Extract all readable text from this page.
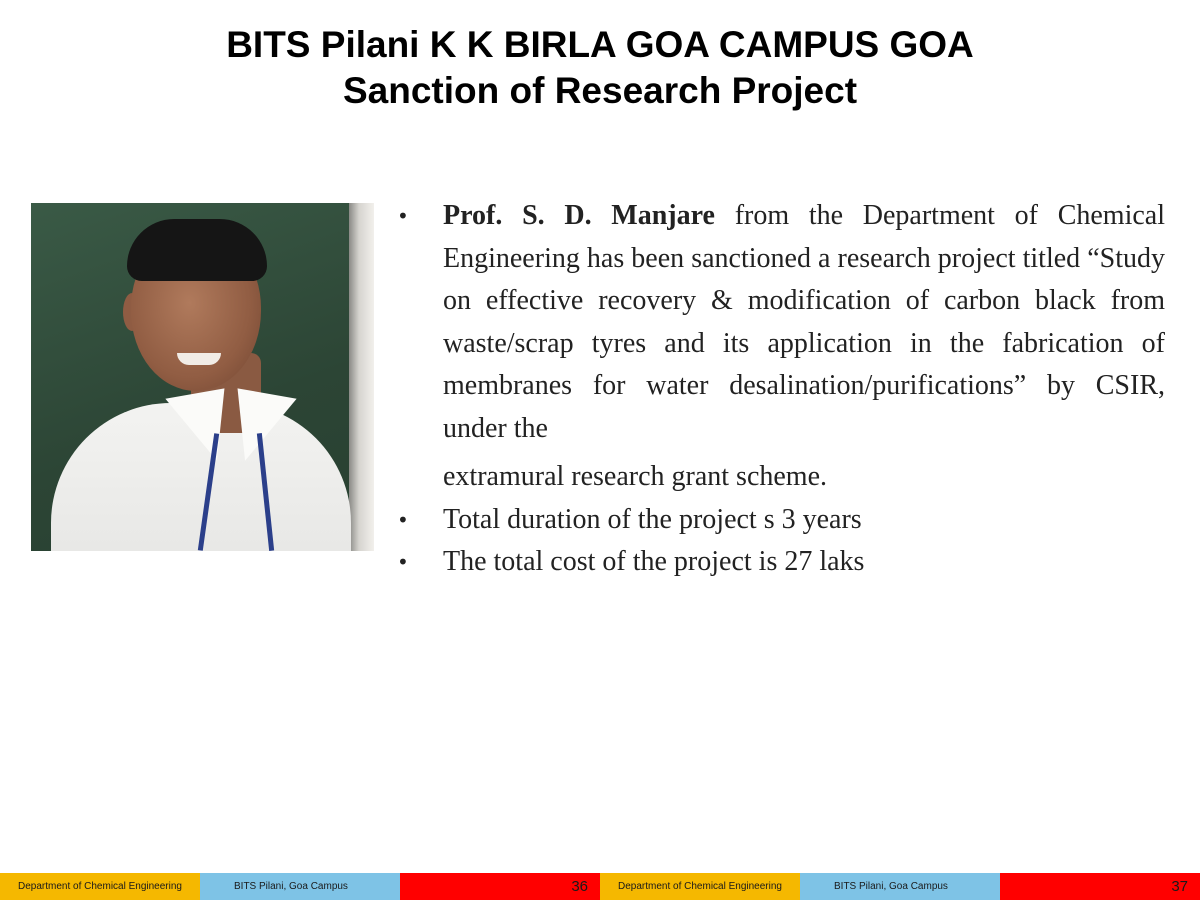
BITS Pilani K K BIRLA GOA CAMPUS GOA
Sanction of Research Project
• Prof. S. D. Manjare from the Department of Chemical Engineering has been sanctioned a research project titled “Study on effective recovery & modification of carbon black from waste/scrap tyres and its application in the fabrication of membranes for water desalination/purifications” by CSIR, under the
extramural research grant scheme.
• Total duration of the project s 3 years
• The total cost of the project is 27 laks
Department of Chemical Engineering	BITS Pilani, Goa Campus	36	Department of Chemical Engineering	BITS Pilani, Goa Campus	37
